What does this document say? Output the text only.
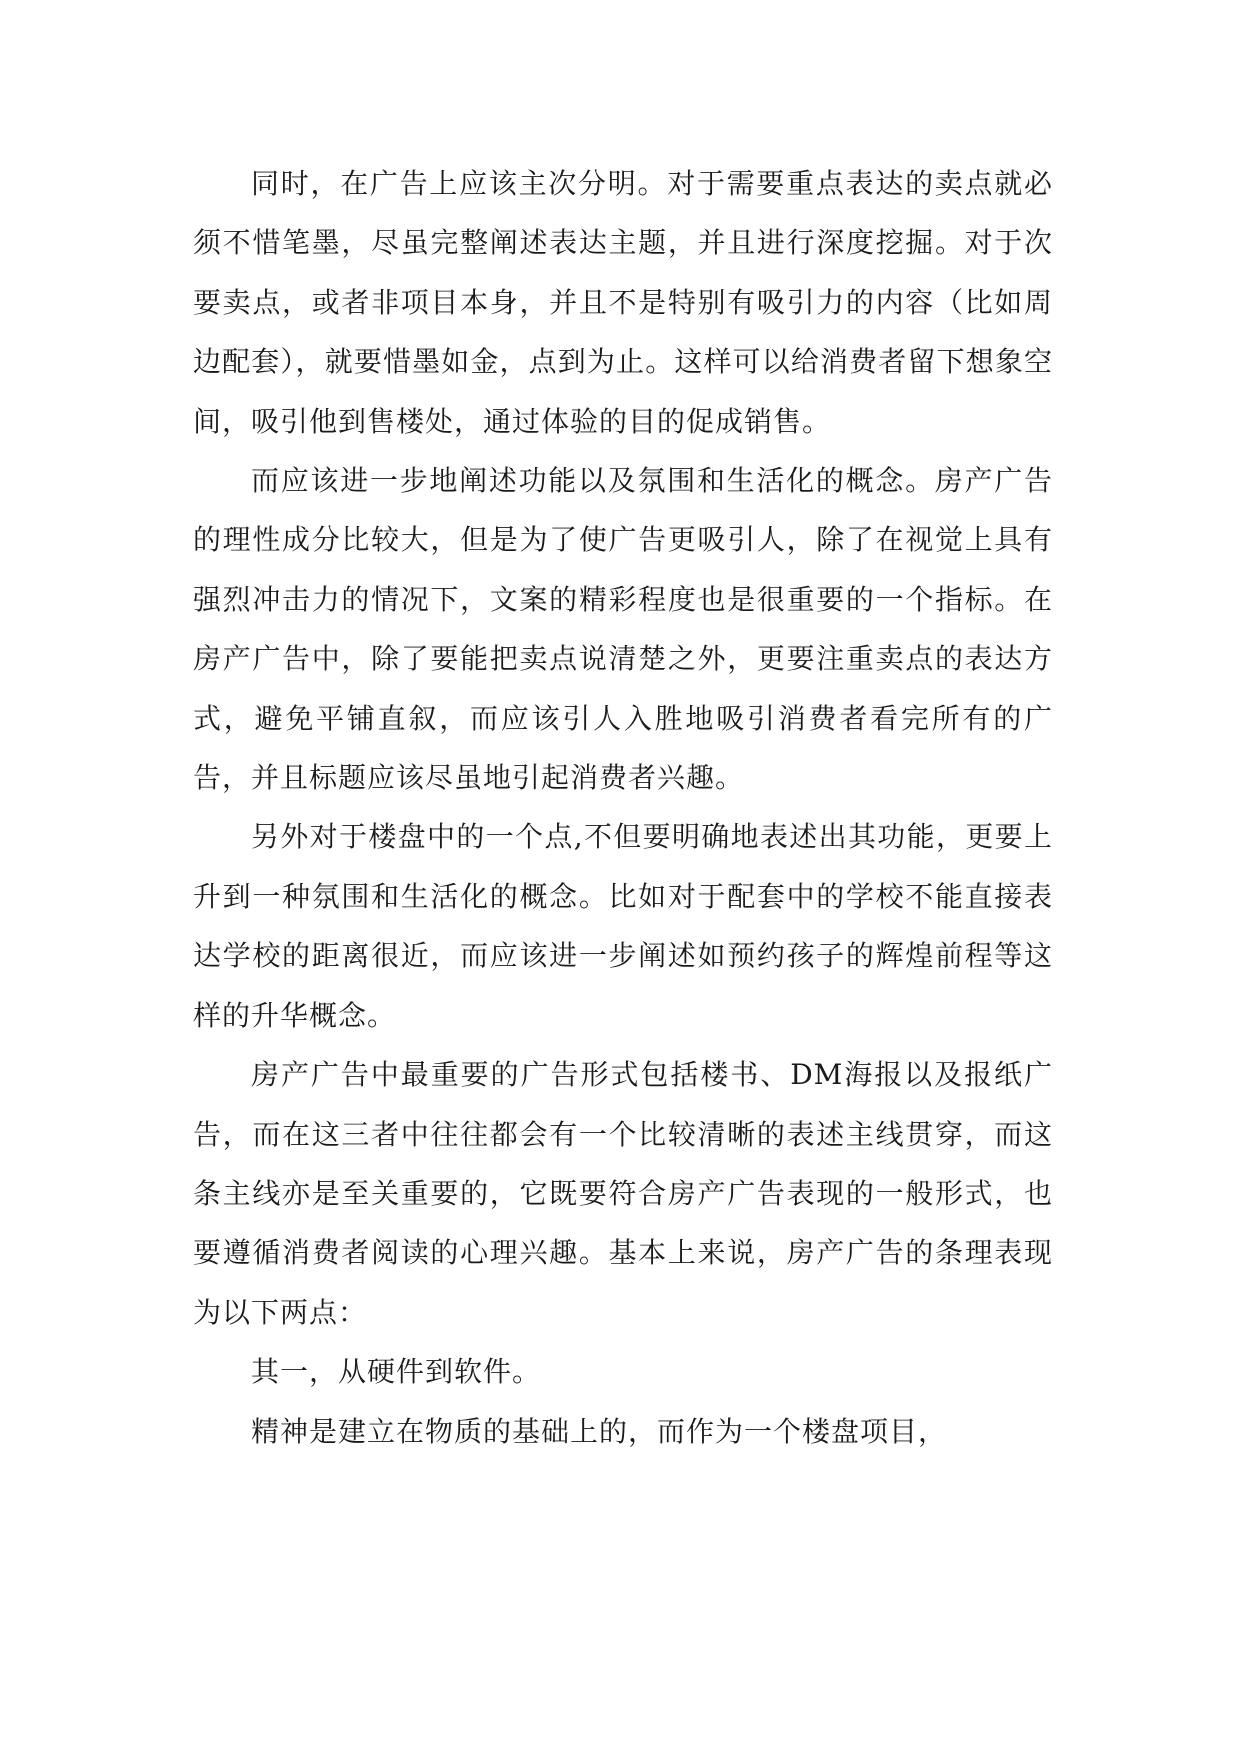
同时，在广告上应该主次分明。对于需要重点表达的卖点就必须不惜笔墨，尽虽完整阐述表达主题，并且进行深度挖掘。对于次要卖点，或者非项目本身，并且不是特别有吸引力的内容（比如周边配套），就要惜墨如金，点到为止。这样可以给消费者留下想象空间，吸引他到售楼处，通过体验的目的促成销售。

而应该进一步地阐述功能以及氛围和生活化的概念。房产广告的理性成分比较大，但是为了使广告更吸引人，除了在视觉上具有强烈冲击力的情况下，文案的精彩程度也是很重要的一个指标。在房产广告中，除了要能把卖点说清楚之外，更要注重卖点的表达方式，避免平铺直叙，而应该引人入胜地吸引消费者看完所有的广告，并且标题应该尽虽地引起消费者兴趣。

另外对于楼盘中的一个点,不但要明确地表述出其功能，更要上升到一种氛围和生活化的概念。比如对于配套中的学校不能直接表达学校的距离很近，而应该进一步阐述如预约孩子的辉煌前程等这样的升华概念。

房产广告中最重要的广告形式包括楼书、DM海报以及报纸广告，而在这三者中往往都会有一个比较清晰的表述主线贯穿，而这条主线亦是至关重要的，它既要符合房产广告表现的一般形式，也要遵循消费者阅读的心理兴趣。基本上来说，房产广告的条理表现为以下两点：

其一，从硬件到软件。

精神是建立在物质的基础上的，而作为一个楼盘项目，
